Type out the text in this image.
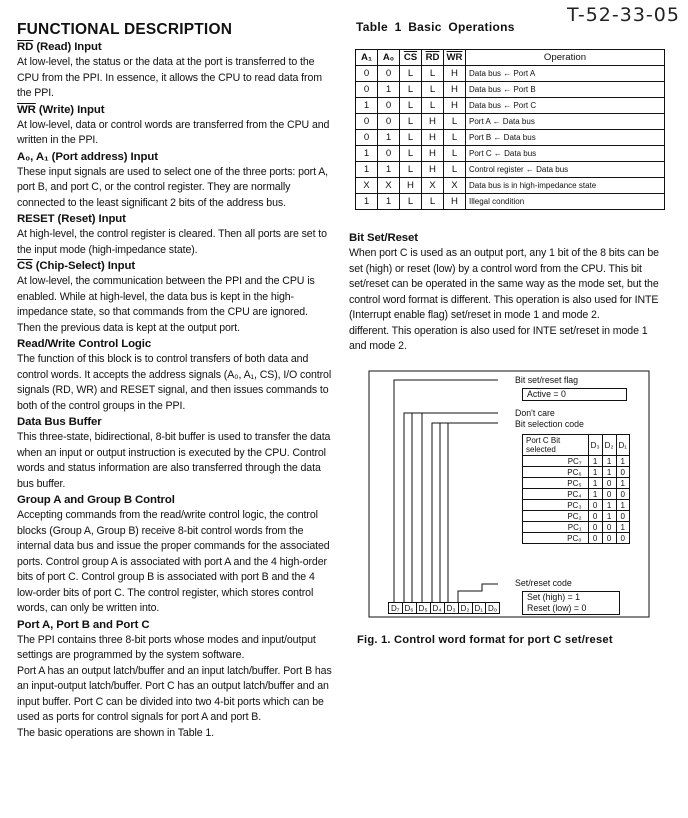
T-52-33-05
FUNCTIONAL DESCRIPTION
$\overline{RD}$ (Read) Input

At low-level, the status or the data at the port is transferred to the CPU from the PPI. In essence, it allows the CPU to read data from the PPI.

$\overline{WR}$ (Write) Input

At low-level, data or control words are transferred from the CPU and written in the PPI.

A₀, A₁ (Port address) Input

These input signals are used to select one of the three ports: port A, port B, and port C, or the control register. They are normally connected to the least significant 2 bits of the address bus.

RESET (Reset) Input

At high-level, the control register is cleared. Then all ports are set to the input mode (high-impedance state).

$\overline{CS}$ (Chip-Select) Input

At low-level, the communication between the PPI and the CPU is enabled. While at high-level, the data bus is kept in the high-impedance state, so that commands from the CPU are ignored. Then the previous data is kept at the output port.

Read/Write Control Logic

The function of this block is to control transfers of both data and control words. It accepts the address signals (A₀, A₁, CS), I/O control signals (RD, WR) and RESET signal, and then issues commands to both of the control groups in the PPI.

Data Bus Buffer

This three-state, bidirectional, 8-bit buffer is used to transfer the data when an input or output instruction is executed by the CPU. Control words and status information are also transferred through the data bus buffer.

Group A and Group B Control

Accepting commands from the read/write control logic, the control blocks (Group A, Group B) receive 8-bit control words from the internal data bus and issue the proper commands for the associated ports. Control group A is associated with port A and the 4 high-order bits of port C. Control group B is associated with port B and the 4 low-order bits of port C. The control register, which stores control words, can only be written into.

Port A, Port B and Port C

The PPI contains three 8-bit ports whose modes and input/output settings are programmed by the system software.

Port A has an output latch/buffer and an input latch/buffer. Port B has an input-output latch/buffer. Port C has an output latch/buffer and an input buffer. Port C can be divided into two 4-bit ports which can be used as ports for control signals for port A and port B.

The basic operations are shown in Table 1.

Table 1 Basic Operations
A₁	A₀	$\overline{CS}$	$\overline{RD}$	$\overline{WR}$	Operation
0	0	L	L	H	Data bus ← Port A
0	1	L	L	H	Data bus ← Port B
1	0	L	L	H	Data bus ← Port C
0	0	L	H	L	Port A ← Data bus
0	1	L	H	L	Port B ← Data bus
1	0	L	H	L	Port C ← Data bus
1	1	L	H	L	Control register ← Data bus
X	X	H	X	X	Data bus is in high-impedance state
1	1	L	L	H	Illegal condition
Bit Set/Reset

When port C is used as an output port, any 1 bit of the 8 bits can be set (high) or reset (low) by a control word from the CPU. This bit set/reset can be operated in the same way as the mode set, but the control word format is different. This operation is also used for INTE (Interrupt enable flag) set/reset in mode 1 and mode 2.

different. This operation is also used for INTE set/reset in mode 1 and mode 2.

Bit set/reset flag
Active = 0
Don't care
Bit selection code
Port C Bit selected	D₃	D₂	D₁
PC₇	1	1	1
PC₆	1	1	0
PC₅	1	0	1
PC₄	1	0	0
PC₃	0	1	1
PC₂	0	1	0
PC₁	0	0	1
PC₀	0	0	0
Set/reset code
Set (high) = 1
Reset (low) = 0
D₇	D₆	D₅	D₄	D₃	D₂	D₁	D₀
Fig. 1. Control word format for port C set/reset
